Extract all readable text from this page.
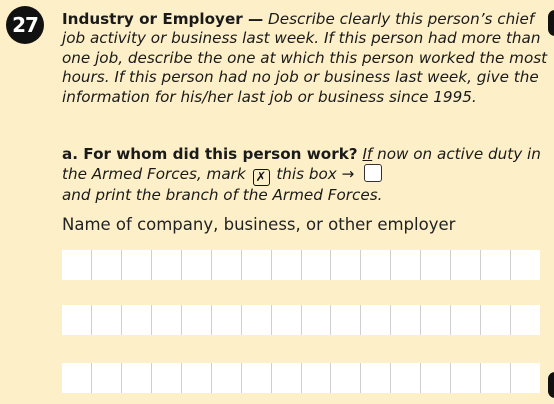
27 Industry or Employer — Describe clearly this person’s chief job activity or business last week. If this person had more than one job, describe the one at which this person worked the most hours. If this person had no job or business last week, give the information for his/her last job or business since 1995.
a. For whom did this person work? If now on active duty in the Armed Forces, mark ✗ this box →
and print the branch of the Armed Forces.
Name of company, business, or other employer
